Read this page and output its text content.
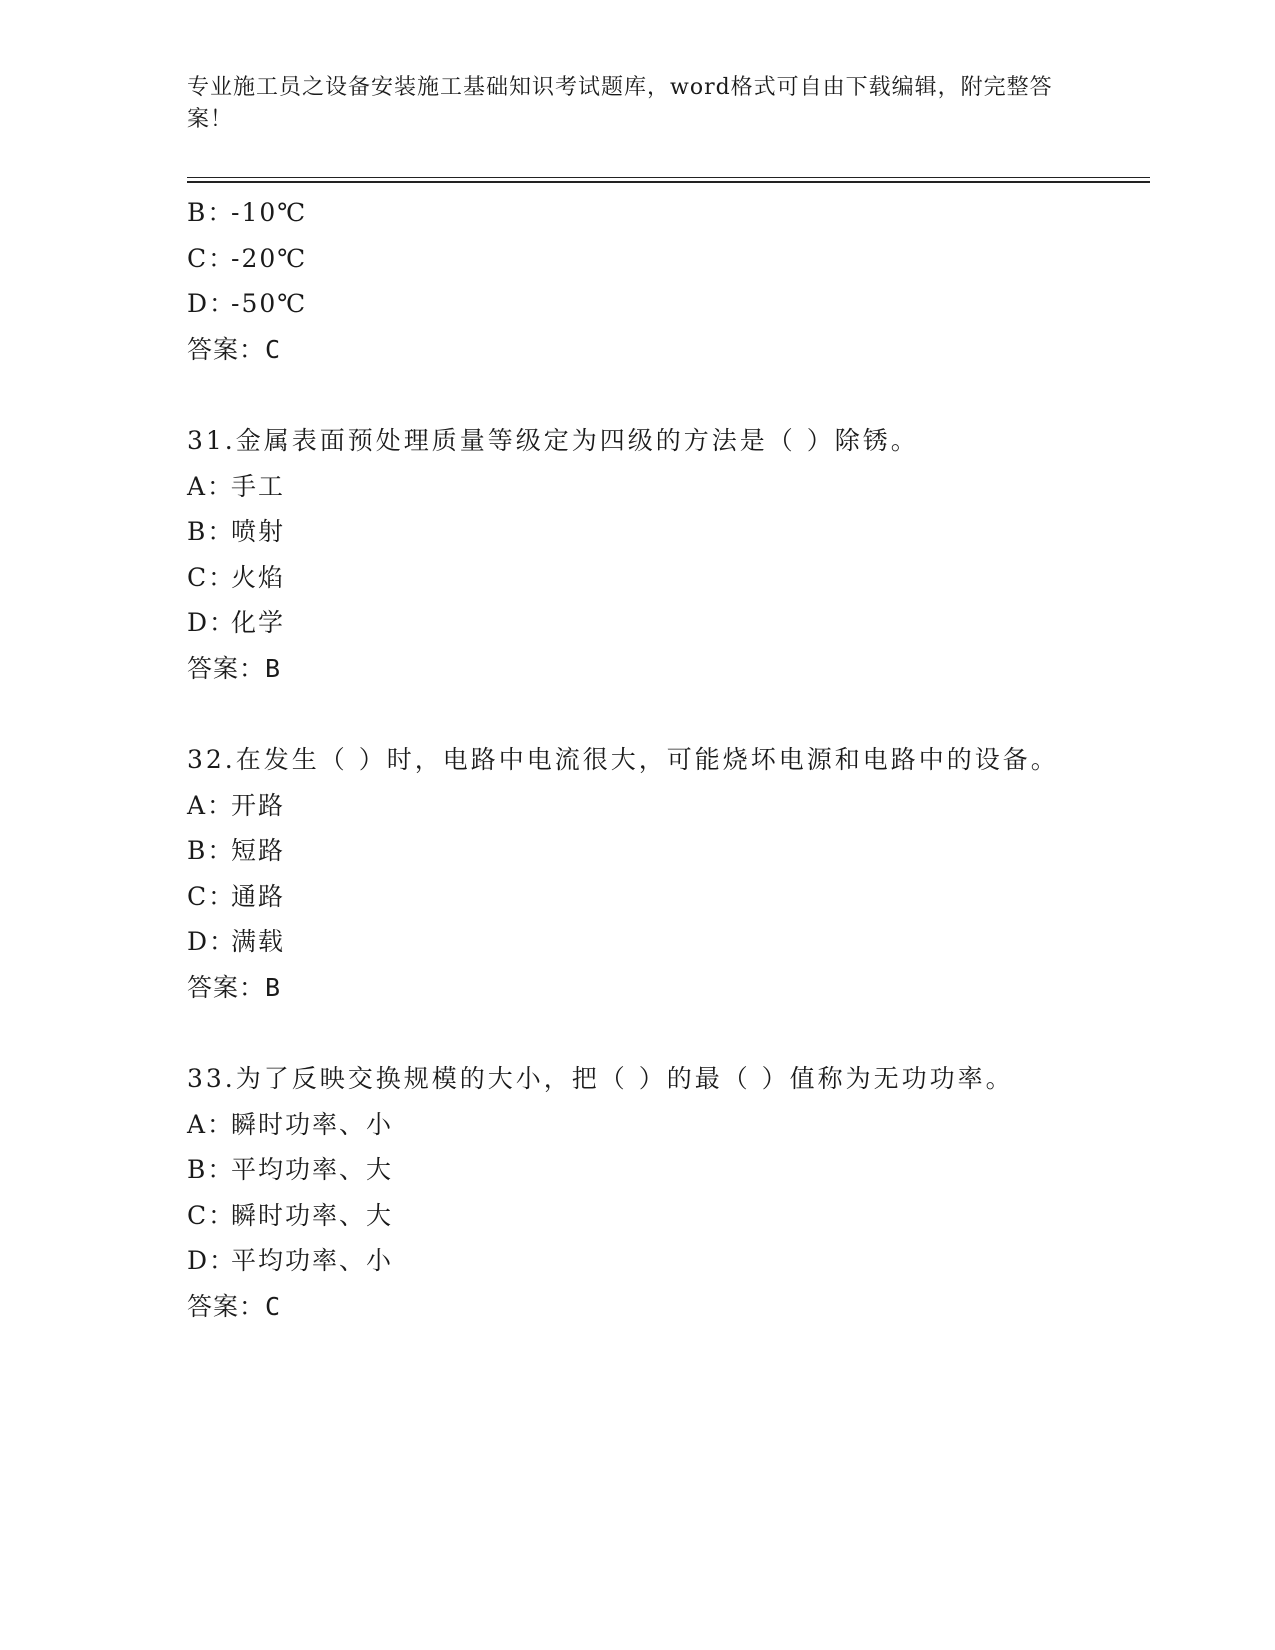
专业施工员之设备安装施工基础知识考试题库，word格式可自由下载编辑，附完整答案！
B：-10℃
C：-20℃
D：-50℃
答案：C
31.金属表面预处理质量等级定为四级的方法是（ ）除锈。
A：手工
B：喷射
C：火焰
D：化学
答案：B
32.在发生（ ）时，电路中电流很大，可能烧坏电源和电路中的设备。
A：开路
B：短路
C：通路
D：满载
答案：B
33.为了反映交换规模的大小，把（ ）的最（ ）值称为无功功率。
A：瞬时功率、小
B：平均功率、大
C：瞬时功率、大
D：平均功率、小
答案：C
